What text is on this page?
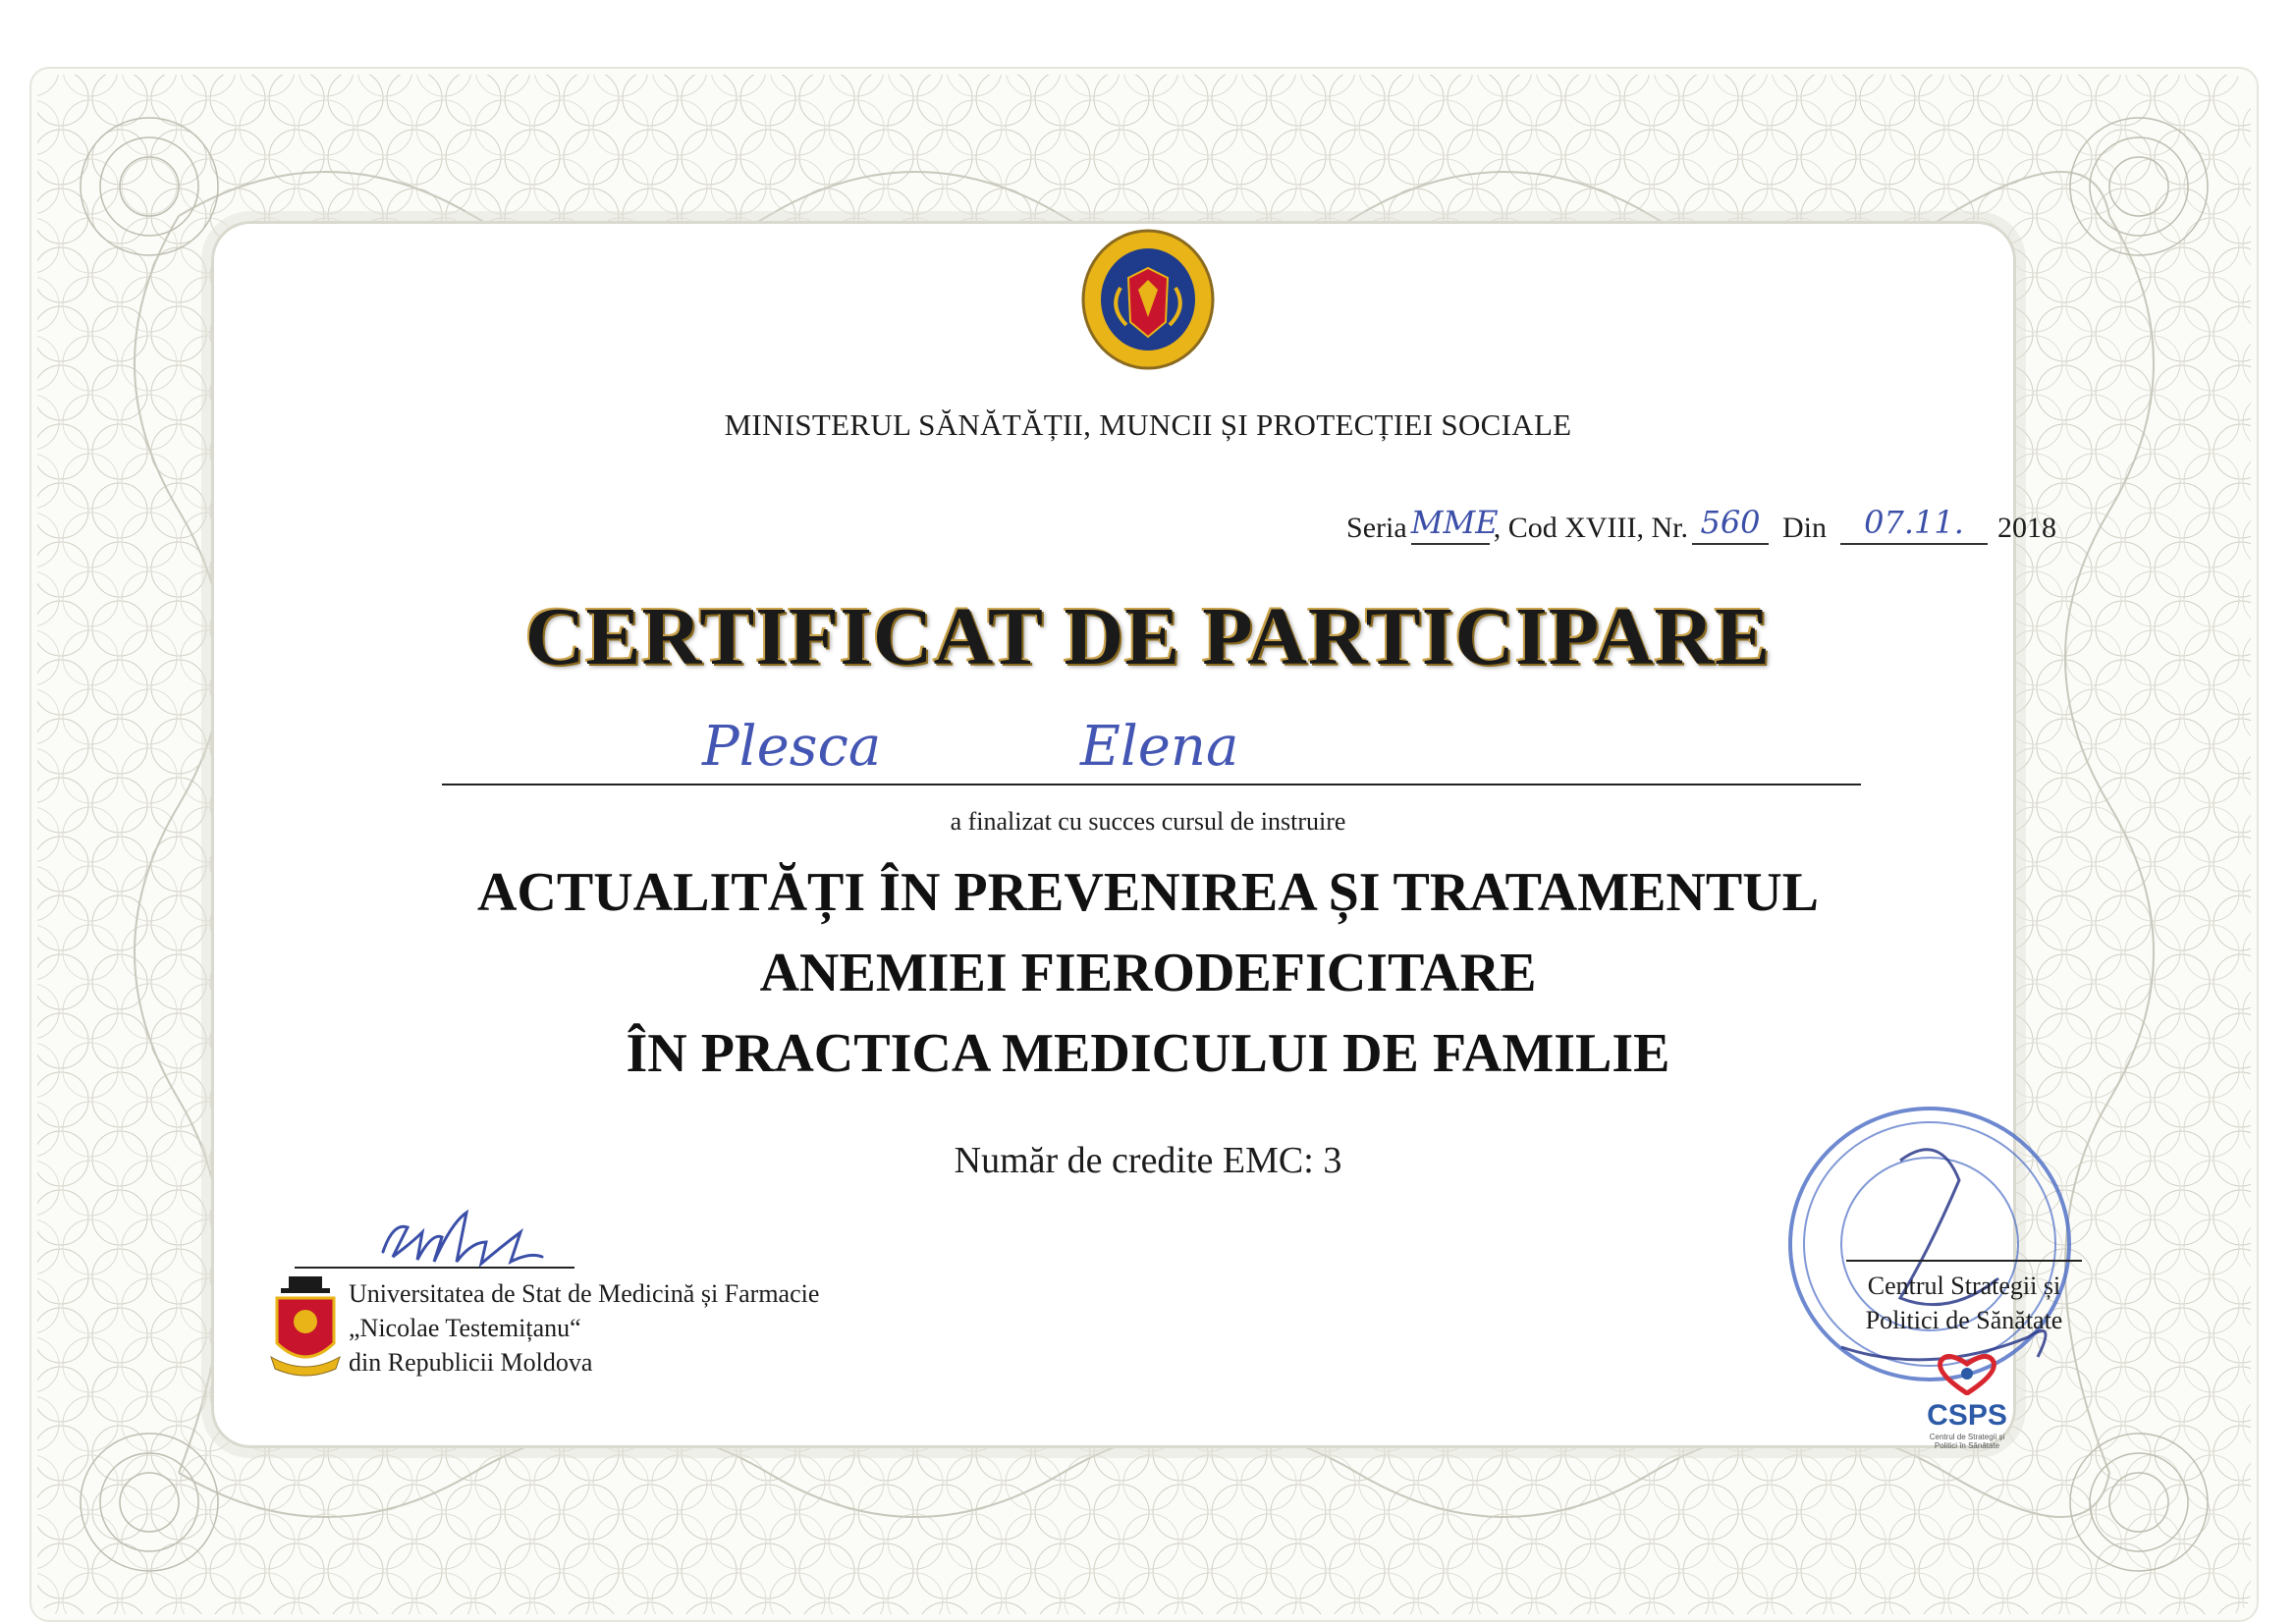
MINISTERUL SĂNĂTĂȚII, MUNCII ȘI PROTECȚIEI SOCIALE
Seria MME
, Cod XVIII, Nr. 560 Din	07.11.	2018
CERTIFICAT DE PARTICIPARE
Plesca	Elena
a finalizat cu succes cursul de instruire
ACTUALITĂȚI ÎN PREVENIREA ȘI TRATAMENTUL
ANEMIEI FIERODEFICITARE
ÎN PRACTICA MEDICULUI DE FAMILIE
Număr de credite EMC: 3
Universitatea de Stat de Medicină și Farmacie
„Nicolae Testemițanu“
din Republicii Moldova
Centrul Strategii și
Politici de Sănătate
CSPS
Centrul de Strategii și
Politici în Sănătate
